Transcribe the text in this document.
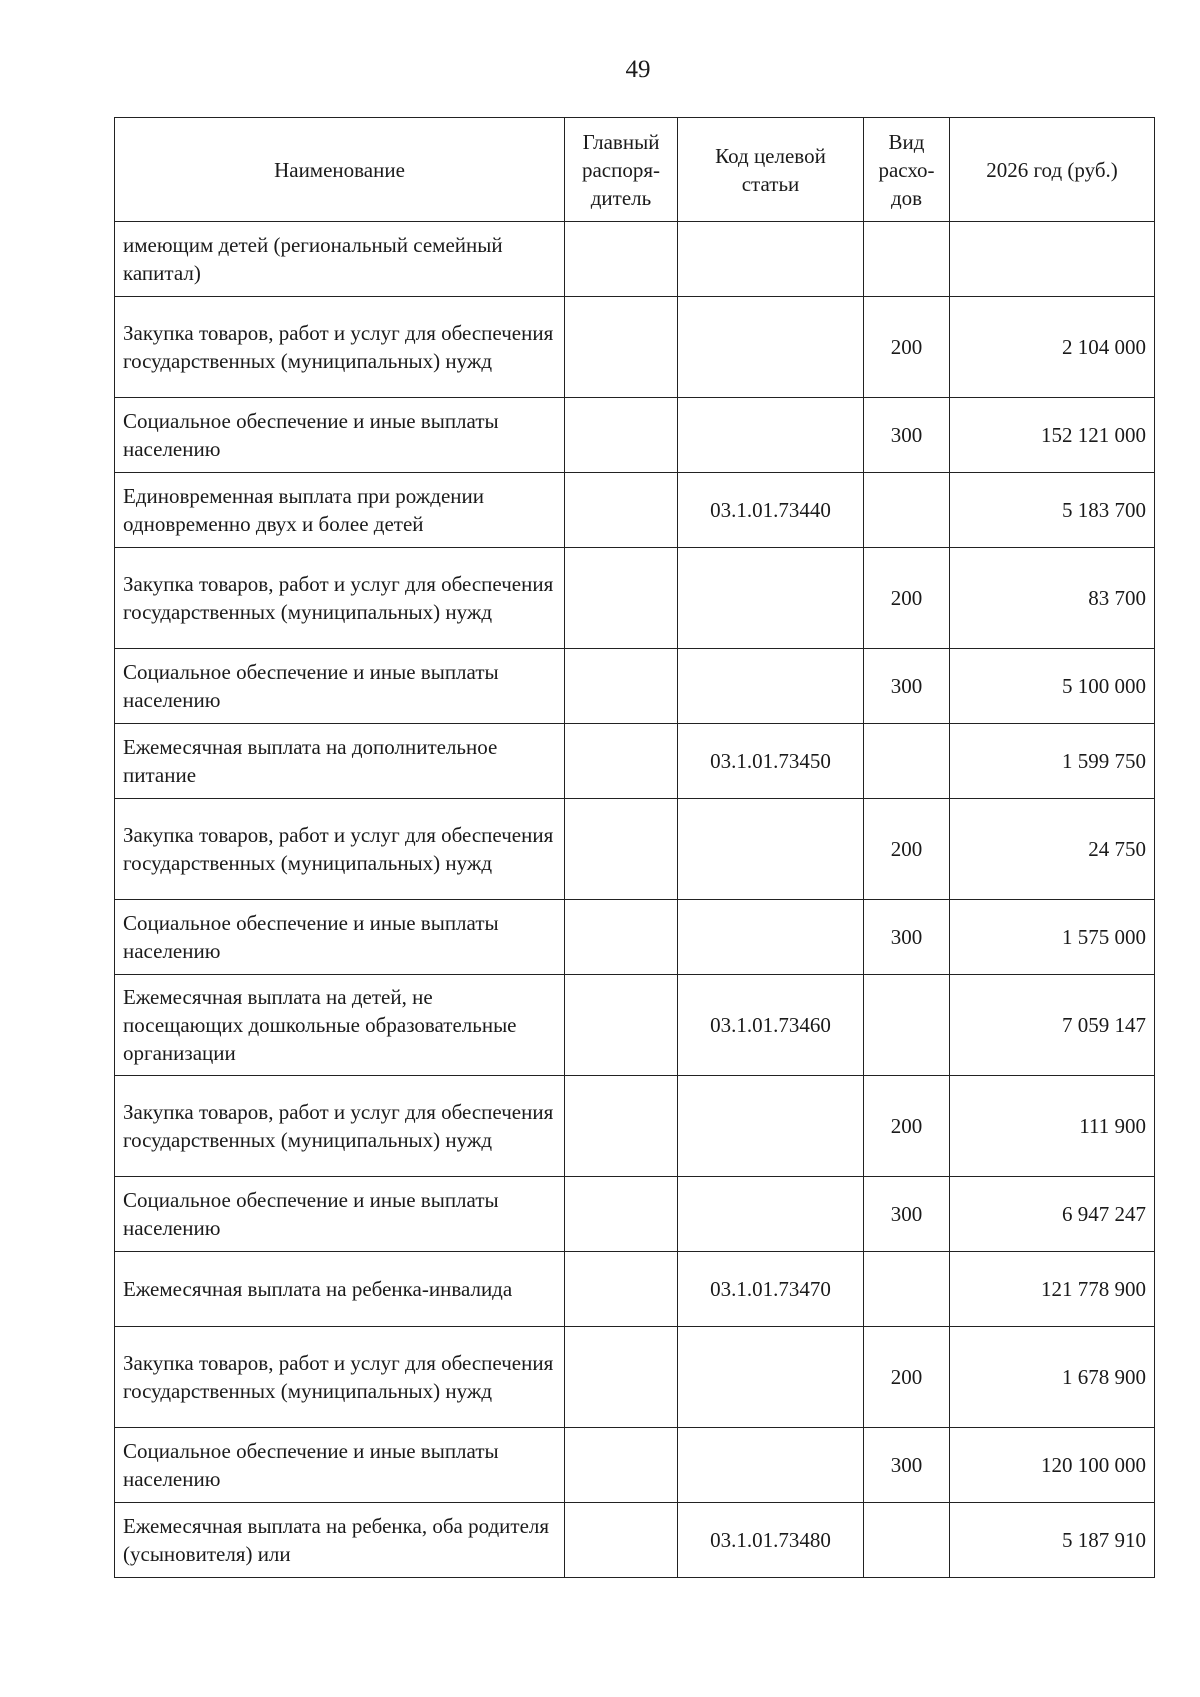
49
Наименование	Главный распоря-дитель	Код целевой статьи	Вид расхо-дов	2026 год (руб.)
имеющим детей (региональный семейный капитал)				
Закупка товаров, работ и услуг для обеспечения государственных (муниципальных) нужд			200	2 104 000
Социальное обеспечение и иные выплаты населению			300	152 121 000
Единовременная выплата при рождении одновременно двух и более детей		03.1.01.73440		5 183 700
Закупка товаров, работ и услуг для обеспечения государственных (муниципальных) нужд			200	83 700
Социальное обеспечение и иные выплаты населению			300	5 100 000
Ежемесячная выплата на дополнительное питание		03.1.01.73450		1 599 750
Закупка товаров, работ и услуг для обеспечения государственных (муниципальных) нужд			200	24 750
Социальное обеспечение и иные выплаты населению			300	1 575 000
Ежемесячная выплата на детей, не посещающих дошкольные образовательные организации		03.1.01.73460		7 059 147
Закупка товаров, работ и услуг для обеспечения государственных (муниципальных) нужд			200	111 900
Социальное обеспечение и иные выплаты населению			300	6 947 247
Ежемесячная выплата на ребенка-инвалида		03.1.01.73470		121 778 900
Закупка товаров, работ и услуг для обеспечения государственных (муниципальных) нужд			200	1 678 900
Социальное обеспечение и иные выплаты населению			300	120 100 000
Ежемесячная выплата на ребенка, оба родителя (усыновителя) или		03.1.01.73480		5 187 910
